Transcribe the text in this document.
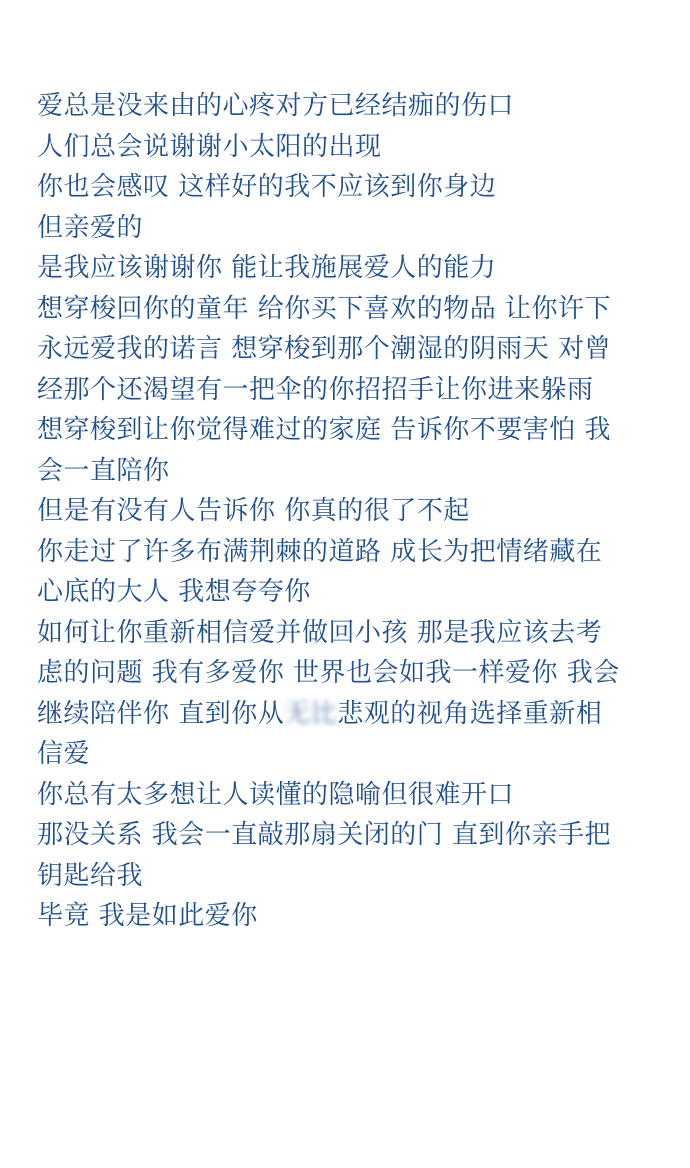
爱总是没来由的心疼对方已经结痂的伤口
人们总会说谢谢小太阳的出现
你也会感叹 这样好的我不应该到你身边
但亲爱的
是我应该谢谢你 能让我施展爱人的能力
想穿梭回你的童年 给你买下喜欢的物品 让你许下
永远爱我的诺言 想穿梭到那个潮湿的阴雨天 对曾
经那个还渴望有一把伞的你招招手让你进来躲雨
想穿梭到让你觉得难过的家庭 告诉你不要害怕 我
会一直陪你
但是有没有人告诉你 你真的很了不起
你走过了许多布满荆棘的道路 成长为把情绪藏在
心底的大人 我想夸夸你
如何让你重新相信爱并做回小孩 那是我应该去考
虑的问题 我有多爱你 世界也会如我一样爱你 我会
继续陪伴你 直到你从无比悲观的视角选择重新相
信爱
你总有太多想让人读懂的隐喻但很难开口
那没关系 我会一直敲那扇关闭的门 直到你亲手把
钥匙给我
毕竟 我是如此爱你
